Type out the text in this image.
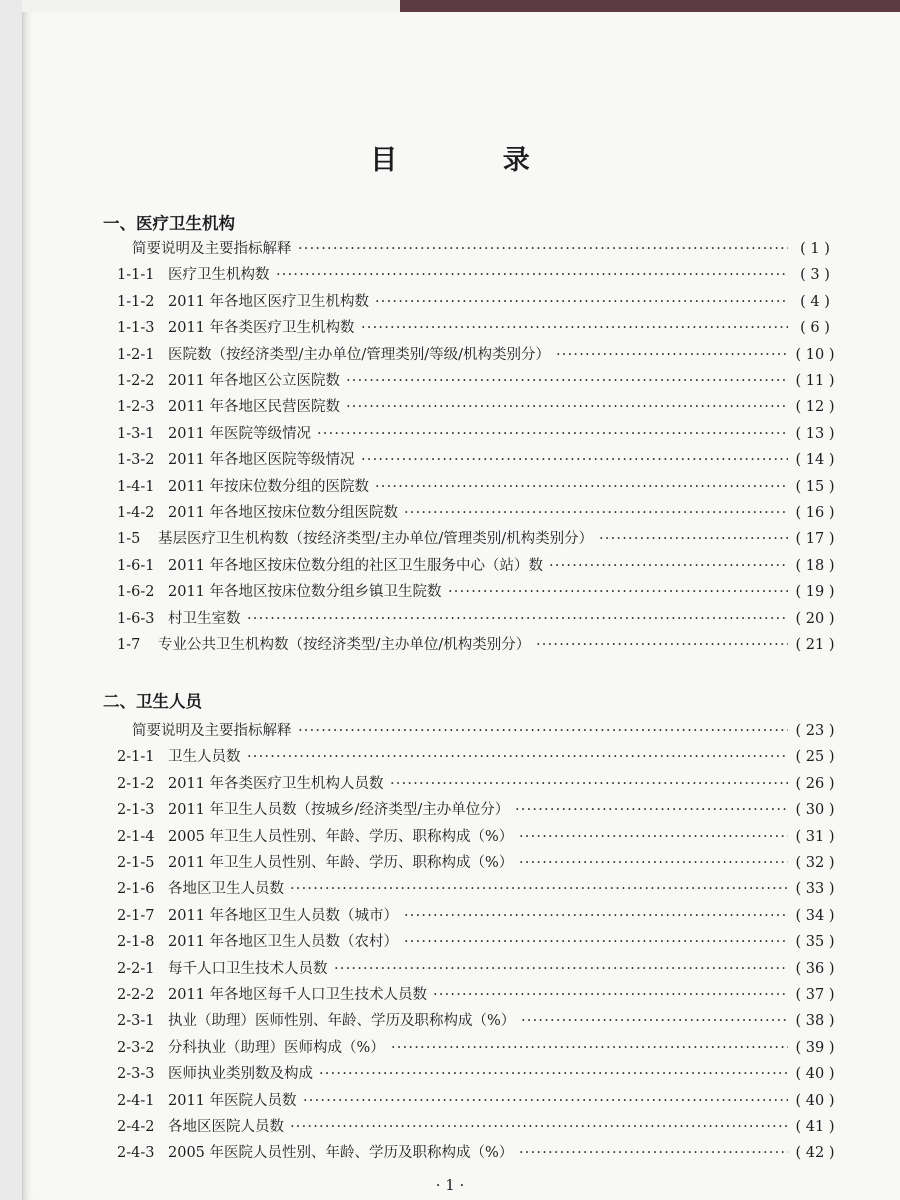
目 录
一、医疗卫生机构
简要说明及主要指标解释 ·····	( 1 )
1-1-1 医疗卫生机构数 ·····	( 3 )
1-1-2 2011 年各地区医疗卫生机构数 ·····	( 4 )
1-1-3 2011 年各类医疗卫生机构数 ·····	( 6 )
1-2-1 医院数（按经济类型/主办单位/管理类别/等级/机构类别分） ·····	( 10 )
1-2-2 2011 年各地区公立医院数 ·····	( 11 )
1-2-3 2011 年各地区民营医院数 ·····	( 12 )
1-3-1 2011 年医院等级情况 ·····	( 13 )
1-3-2 2011 年各地区医院等级情况 ·····	( 14 )
1-4-1 2011 年按床位数分组的医院数 ·····	( 15 )
1-4-2 2011 年各地区按床位数分组医院数 ·····	( 16 )
1-5 基层医疗卫生机构数（按经济类型/主办单位/管理类别/机构类别分） ·····	( 17 )
1-6-1 2011 年各地区按床位数分组的社区卫生服务中心（站）数 ·····	( 18 )
1-6-2 2011 年各地区按床位数分组乡镇卫生院数 ·····	( 19 )
1-6-3 村卫生室数 ·····	( 20 )
1-7 专业公共卫生机构数（按经济类型/主办单位/机构类别分） ·····	( 21 )
二、卫生人员
简要说明及主要指标解释 ·····	( 23 )
2-1-1 卫生人员数 ·····	( 25 )
2-1-2 2011 年各类医疗卫生机构人员数 ·····	( 26 )
2-1-3 2011 年卫生人员数（按城乡/经济类型/主办单位分） ·····	( 30 )
2-1-4 2005 年卫生人员性别、年龄、学历、职称构成（%） ·····	( 31 )
2-1-5 2011 年卫生人员性别、年龄、学历、职称构成（%） ·····	( 32 )
2-1-6 各地区卫生人员数 ·····	( 33 )
2-1-7 2011 年各地区卫生人员数（城市） ·····	( 34 )
2-1-8 2011 年各地区卫生人员数（农村） ·····	( 35 )
2-2-1 每千人口卫生技术人员数 ·····	( 36 )
2-2-2 2011 年各地区每千人口卫生技术人员数 ·····	( 37 )
2-3-1 执业（助理）医师性别、年龄、学历及职称构成（%） ·····	( 38 )
2-3-2 分科执业（助理）医师构成（%） ·····	( 39 )
2-3-3 医师执业类别数及构成 ·····	( 40 )
2-4-1 2011 年医院人员数 ·····	( 40 )
2-4-2 各地区医院人员数 ·····	( 41 )
2-4-3 2005 年医院人员性别、年龄、学历及职称构成（%） ·····	( 42 )
· 1 ·
